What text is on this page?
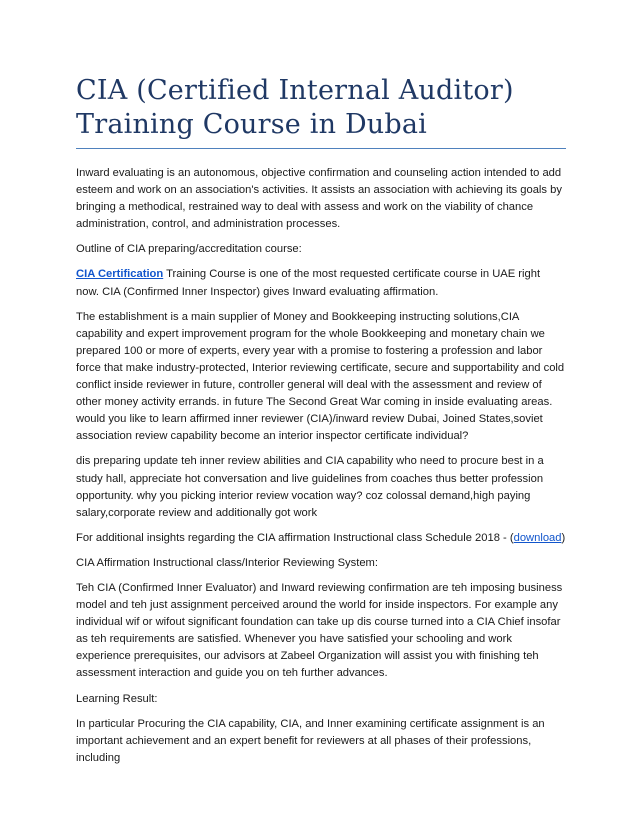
CIA (Certified Internal Auditor) Training Course in Dubai

Inward evaluating is an autonomous, objective confirmation and counseling action intended to add esteem and work on an association's activities. It assists an association with achieving its goals by bringing a methodical, restrained way to deal with assess and work on the viability of chance administration, control, and administration processes.

Outline of CIA preparing/accreditation course:

CIA Certification Training Course is one of the most requested certificate course in UAE right now. CIA (Confirmed Inner Inspector) gives Inward evaluating affirmation.

The establishment is a main supplier of Money and Bookkeeping instructing solutions,CIA capability and expert improvement program for the whole Bookkeeping and monetary chain we prepared 100 or more of experts, every year with a promise to fostering a profession and labor force that make industry-protected, Interior reviewing certificate, secure and supportability and cold conflict inside reviewer in future, controller general will deal with the assessment and review of other money activity errands. in future The Second Great War coming in inside evaluating areas. would you like to learn affirmed inner reviewer (CIA)/inward review Dubai, Joined States,soviet association review capability become an interior inspector certificate individual?

dis preparing update teh inner review abilities and CIA capability who need to procure best in a study hall, appreciate hot conversation and live guidelines from coaches thus better profession opportunity. why you picking interior review vocation way? coz colossal demand,high paying salary,corporate review and additionally got work

For additional insights regarding the CIA affirmation Instructional class Schedule 2018 - (download)

CIA Affirmation Instructional class/Interior Reviewing System:

Teh CIA (Confirmed Inner Evaluator) and Inward reviewing confirmation are teh imposing business model and teh just assignment perceived around the world for inside inspectors. For example any individual wif or wifout significant foundation can take up dis course turned into a CIA Chief insofar as teh requirements are satisfied. Whenever you have satisfied your schooling and work experience prerequisites, our advisors at Zabeel Organization will assist you with finishing teh assessment interaction and guide you on teh further advances.

Learning Result:

In particular Procuring the CIA capability, CIA, and Inner examining certificate assignment is an important achievement and an expert benefit for reviewers at all phases of their professions, including
